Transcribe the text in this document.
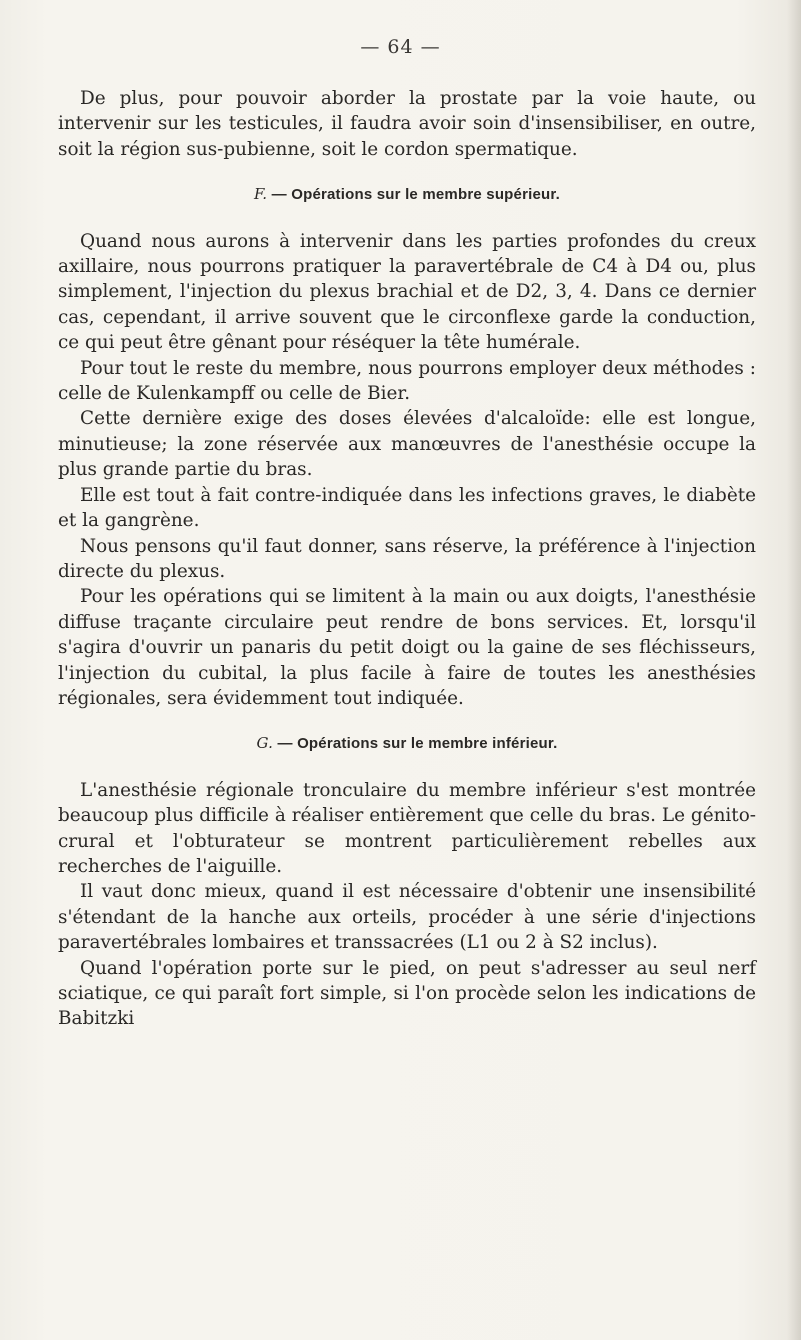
— 64 —

De plus, pour pouvoir aborder la prostate par la voie haute, ou intervenir sur les testicules, il faudra avoir soin d'insensibiliser, en outre, soit la région sus-pubienne, soit le cordon spermatique.

F. — Opérations sur le membre supérieur.

Quand nous aurons à intervenir dans les parties profondes du creux axillaire, nous pourrons pratiquer la paravertébrale de C4 à D4 ou, plus simplement, l'injection du plexus brachial et de D2, 3, 4. Dans ce dernier cas, cependant, il arrive souvent que le circonflexe garde la conduction, ce qui peut être gênant pour réséquer la tête humérale.

Pour tout le reste du membre, nous pourrons employer deux méthodes : celle de Kulenkampff ou celle de Bier.

Cette dernière exige des doses élevées d'alcaloïde: elle est longue, minutieuse; la zone réservée aux manœuvres de l'anesthésie occupe la plus grande partie du bras.

Elle est tout à fait contre-indiquée dans les infections graves, le diabète et la gangrène.

Nous pensons qu'il faut donner, sans réserve, la préférence à l'injection directe du plexus.

Pour les opérations qui se limitent à la main ou aux doigts, l'anesthésie diffuse traçante circulaire peut rendre de bons services. Et, lorsqu'il s'agira d'ouvrir un panaris du petit doigt ou la gaine de ses fléchisseurs, l'injection du cubital, la plus facile à faire de toutes les anesthésies régionales, sera évidemment tout indiquée.

G. — Opérations sur le membre inférieur.

L'anesthésie régionale tronculaire du membre inférieur s'est montrée beaucoup plus difficile à réaliser entièrement que celle du bras. Le génito-crural et l'obturateur se montrent particulièrement rebelles aux recherches de l'aiguille.

Il vaut donc mieux, quand il est nécessaire d'obtenir une insensibilité s'étendant de la hanche aux orteils, procéder à une série d'injections paravertébrales lombaires et transsacrées (L1 ou 2 à S2 inclus).

Quand l'opération porte sur le pied, on peut s'adresser au seul nerf sciatique, ce qui paraît fort simple, si l'on procède selon les indications de Babitzki
